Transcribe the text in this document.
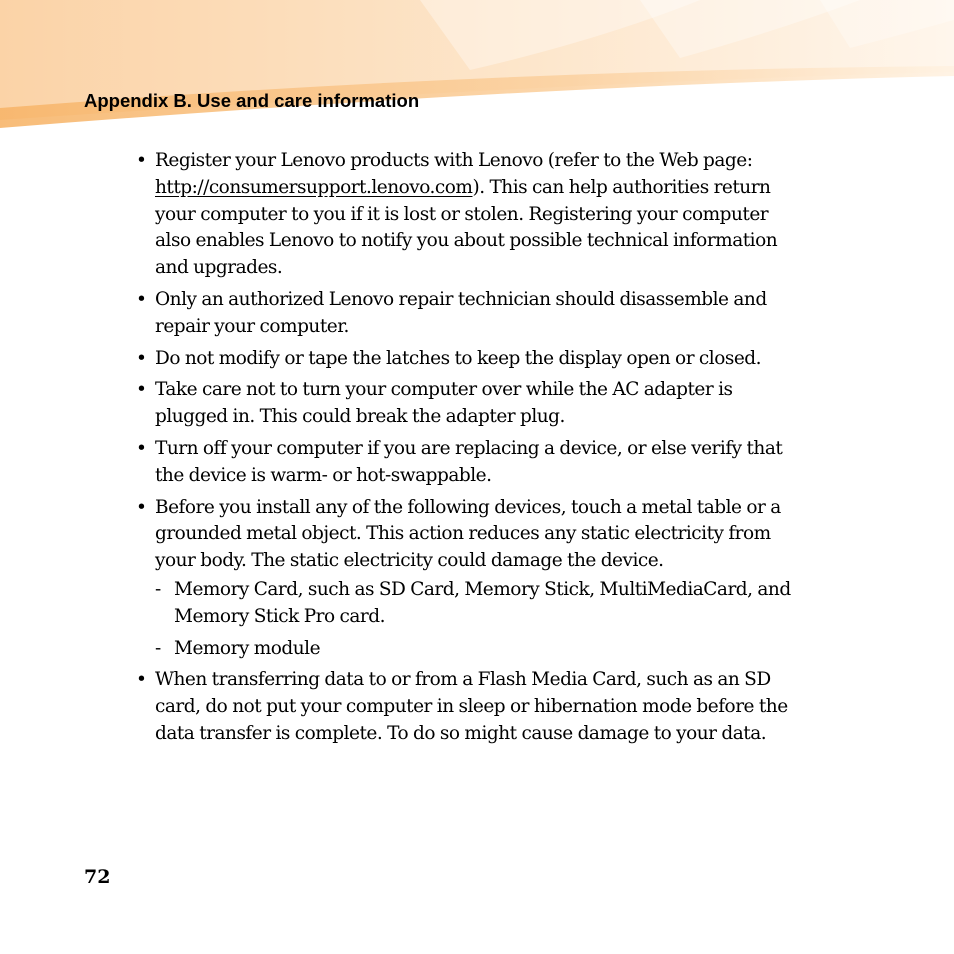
Appendix B. Use and care information
• Register your Lenovo products with Lenovo (refer to the Web page:
http://consumersupport.lenovo.com). This can help authorities return
your computer to you if it is lost or stolen. Registering your computer
also enables Lenovo to notify you about possible technical information
and upgrades.
• Only an authorized Lenovo repair technician should disassemble and
repair your computer.
• Do not modify or tape the latches to keep the display open or closed.
• Take care not to turn your computer over while the AC adapter is
plugged in. This could break the adapter plug.
• Turn off your computer if you are replacing a device, or else verify that
the device is warm- or hot-swappable.
• Before you install any of the following devices, touch a metal table or a
grounded metal object. This action reduces any static electricity from
your body. The static electricity could damage the device.
- Memory Card, such as SD Card, Memory Stick, MultiMediaCard, and
Memory Stick Pro card.
- Memory module
• When transferring data to or from a Flash Media Card, such as an SD
card, do not put your computer in sleep or hibernation mode before the
data transfer is complete. To do so might cause damage to your data.
72
